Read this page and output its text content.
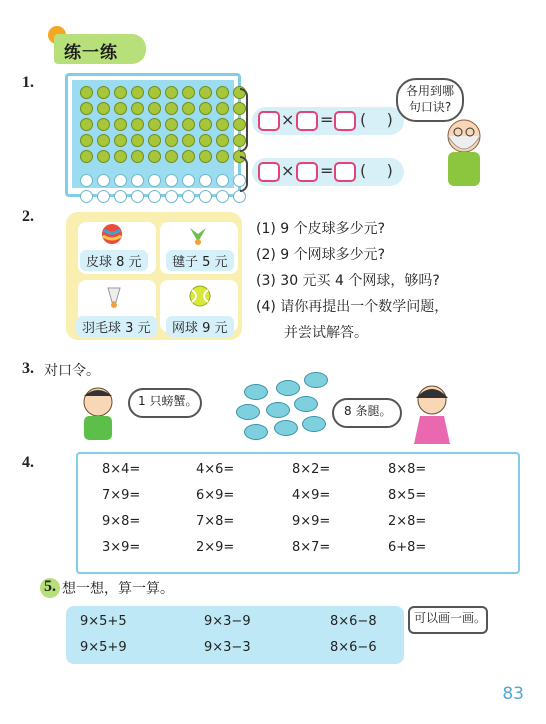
练一练
1.
× = (    )
× = (    )
各用到哪句口诀?
2.
皮球 8 元	毽子 5 元
羽毛球 3 元	网球 9 元
(1) 9 个皮球多少元?
(2) 9 个网球多少元?
(3) 30 元买 4 个网球，够吗?
(4) 请你再提出一个数学问题，
并尝试解答。
3. 对口令。
1 只螃蟹。
8 条腿。
4.	8×4=	4×6=	8×2=	8×8=
7×9=	6×9=	4×9=	8×5=
9×8=	7×8=	9×9=	2×8=
3×9=	2×9=	8×7=	6+8=
5. 想一想，算一算。
9×5+5	9×3−9	8×6−8
9×5+9	9×3−3	8×6−6
可以画一画。
83
